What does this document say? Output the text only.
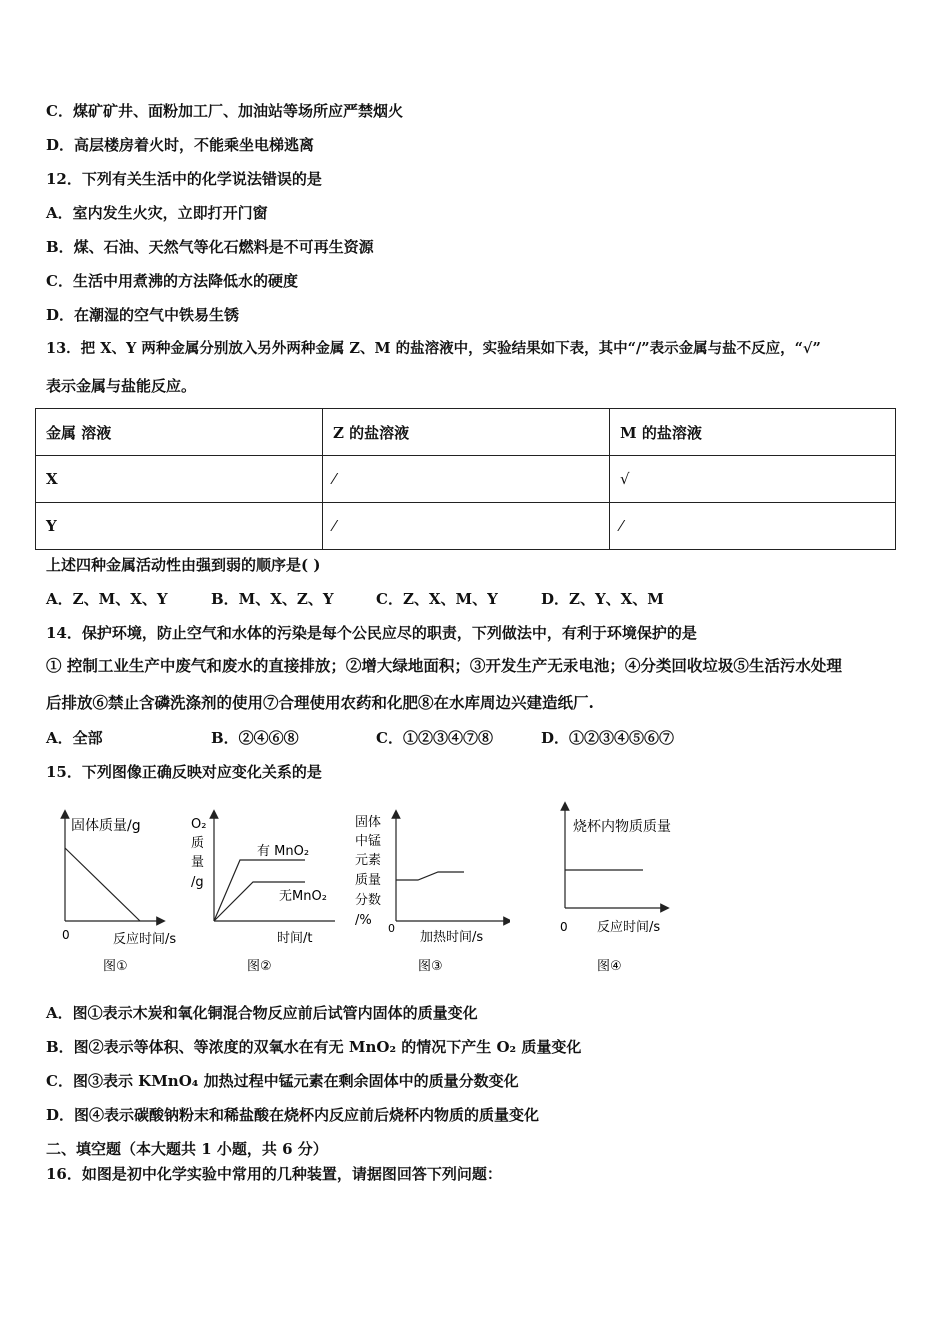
C．煤矿矿井、面粉加工厂、加油站等场所应严禁烟火
D．高层楼房着火时，不能乘坐电梯逃离
12．下列有关生活中的化学说法错误的是
A．室内发生火灾，立即打开门窗
B．煤、石油、天然气等化石燃料是不可再生资源
C．生活中用煮沸的方法降低水的硬度
D．在潮湿的空气中铁易生锈
13．把 X、Y 两种金属分别放入另外两种金属 Z、M 的盐溶液中，实验结果如下表，其中“/”表示金属与盐不反应，“√”
表示金属与盐能反应。
金属 溶液	Z 的盐溶液	M 的盐溶液
X	⁄	√
Y	⁄	⁄
上述四种金属活动性由强到弱的顺序是( )
A．Z、M、X、Y	B．M、X、Z、Y	C．Z、X、M、Y	D．Z、Y、X、M
14．保护环境，防止空气和水体的污染是每个公民应尽的职责，下列做法中，有利于环境保护的是
① 控制工业生产中废气和废水的直接排放；②增大绿地面积；③开发生产无汞电池；④分类回收垃圾⑤生活污水处理
后排放⑥禁止含磷洗涤剂的使用⑦合理使用农药和化肥⑧在水库周边兴建造纸厂.
A．全部	B．②④⑥⑧	C．①②③④⑦⑧	D．①②③④⑤⑥⑦
15．下列图像正确反映对应变化关系的是
固体质量/g
0	反应时间/s
图①
O₂
质
量
/g
有 MnO₂
无MnO₂
时间/t
图②
固体
中锰
元素
质量
分数
/%
0
加热时间/s
图③
烧杯内物质质量
0 反应时间/s
图④
A．图①表示木炭和氧化铜混合物反应前后试管内固体的质量变化
B．图②表示等体积、等浓度的双氧水在有无 MnO₂ 的情况下产生 O₂ 质量变化
C．图③表示 KMnO₄ 加热过程中锰元素在剩余固体中的质量分数变化
D．图④表示碳酸钠粉末和稀盐酸在烧杯内反应前后烧杯内物质的质量变化
二、填空题（本大题共 1 小题，共 6 分）
16．如图是初中化学实验中常用的几种装置，请据图回答下列问题：
